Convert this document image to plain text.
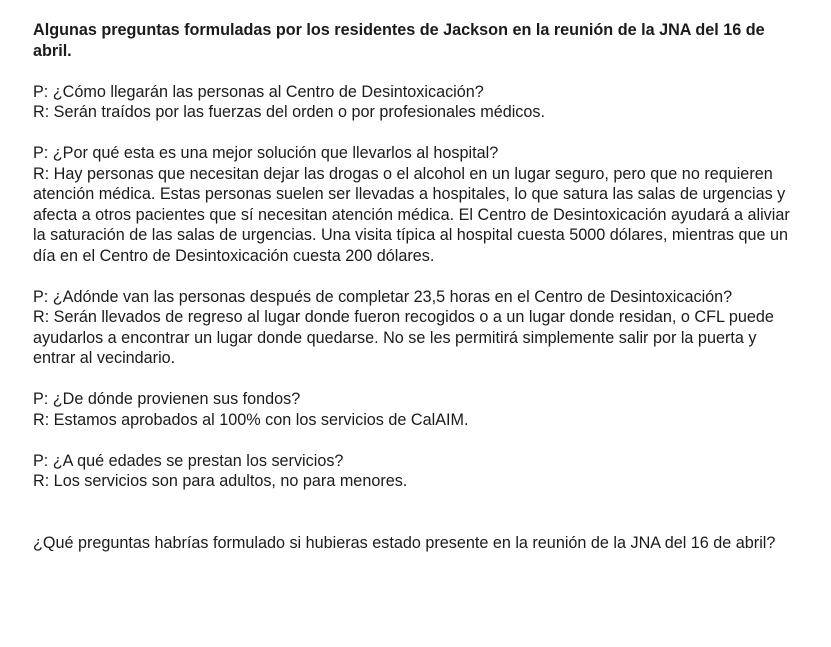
Algunas preguntas formuladas por los residentes de Jackson en la reunión de la JNA del 16 de abril.

P: ¿Cómo llegarán las personas al Centro de Desintoxicación?

R: Serán traídos por las fuerzas del orden o por profesionales médicos.

P: ¿Por qué esta es una mejor solución que llevarlos al hospital?

R: Hay personas que necesitan dejar las drogas o el alcohol en un lugar seguro, pero que no requieren atención médica. Estas personas suelen ser llevadas a hospitales, lo que satura las salas de urgencias y afecta a otros pacientes que sí necesitan atención médica. El Centro de Desintoxicación ayudará a aliviar la saturación de las salas de urgencias. Una visita típica al hospital cuesta 5000 dólares, mientras que un día en el Centro de Desintoxicación cuesta 200 dólares.

P: ¿Adónde van las personas después de completar 23,5 horas en el Centro de Desintoxicación?

R: Serán llevados de regreso al lugar donde fueron recogidos o a un lugar donde residan, o CFL puede ayudarlos a encontrar un lugar donde quedarse. No se les permitirá simplemente salir por la puerta y entrar al vecindario.

P: ¿De dónde provienen sus fondos?

R: Estamos aprobados al 100% con los servicios de CalAIM.

P: ¿A qué edades se prestan los servicios?

R: Los servicios son para adultos, no para menores.

¿Qué preguntas habrías formulado si hubieras estado presente en la reunión de la JNA del 16 de abril?
